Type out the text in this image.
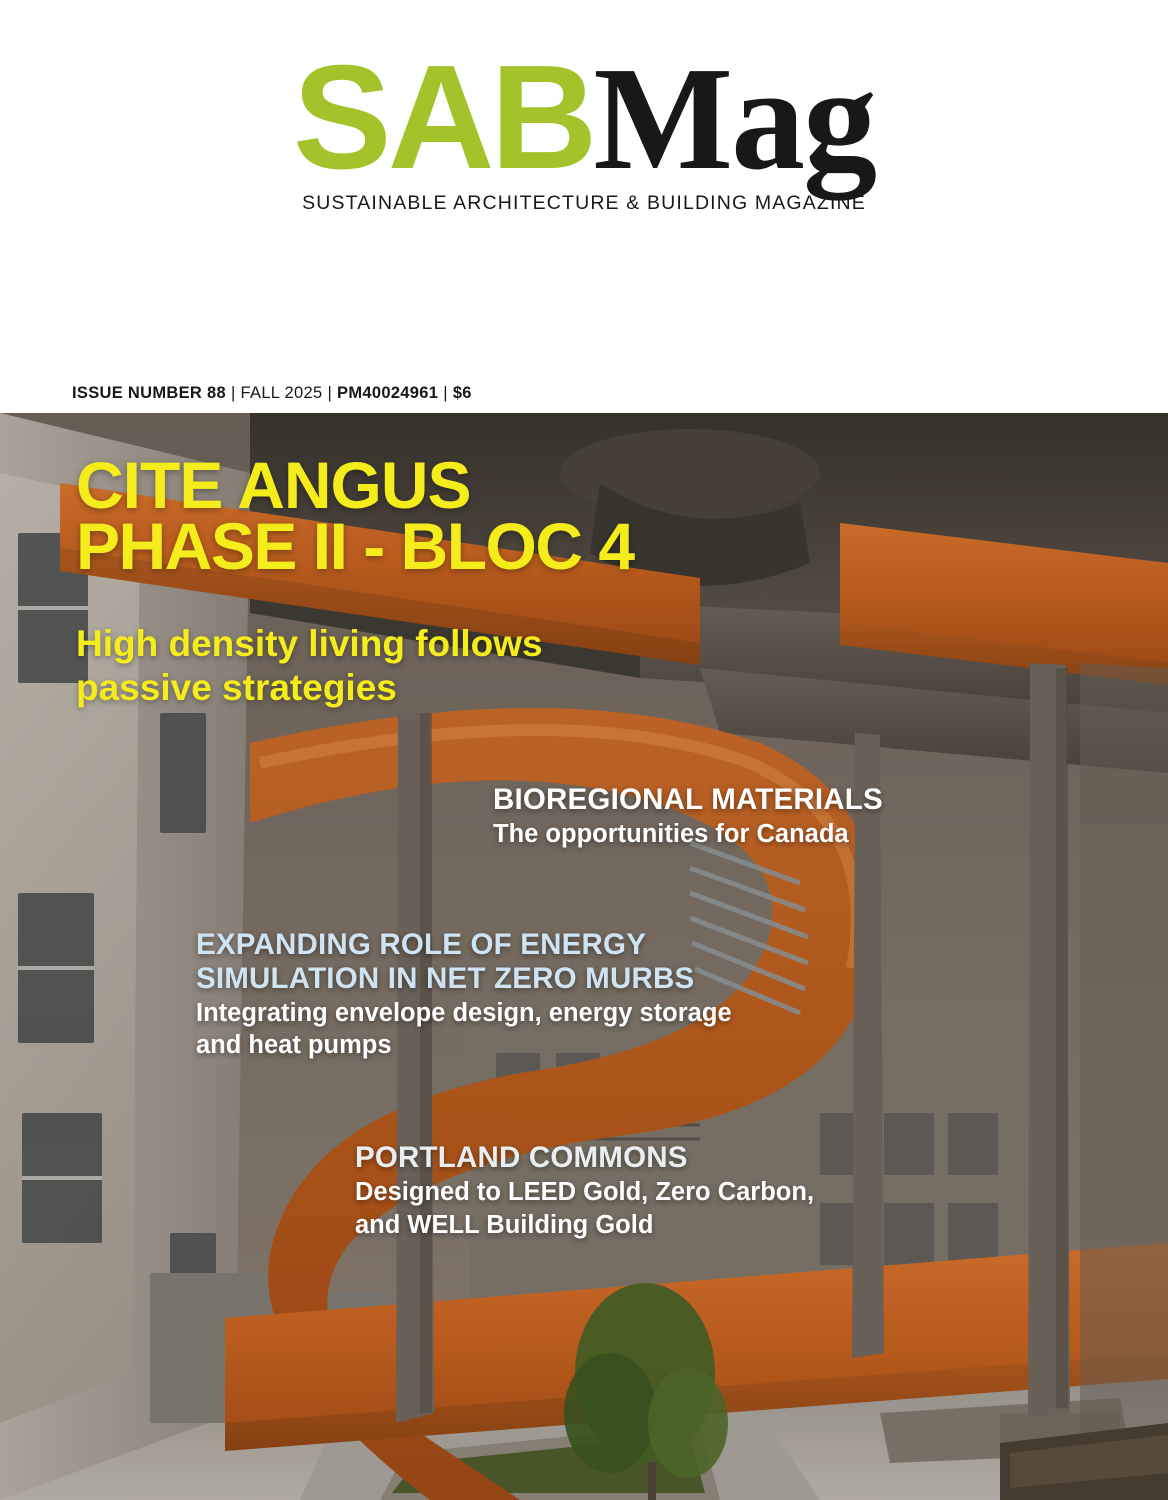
SABMag
SUSTAINABLE ARCHITECTURE & BUILDING MAGAZINE
ISSUE NUMBER 88 | FALL 2025 | PM40024961 | $6
CITE ANGUS
PHASE II - BLOC 4
High density living follows
passive strategies
BIOREGIONAL MATERIALS
The opportunities for Canada
EXPANDING ROLE OF ENERGY
SIMULATION IN NET ZERO MURBS
Integrating envelope design, energy storage
and heat pumps
PORTLAND COMMONS
Designed to LEED Gold, Zero Carbon,
and WELL Building Gold
